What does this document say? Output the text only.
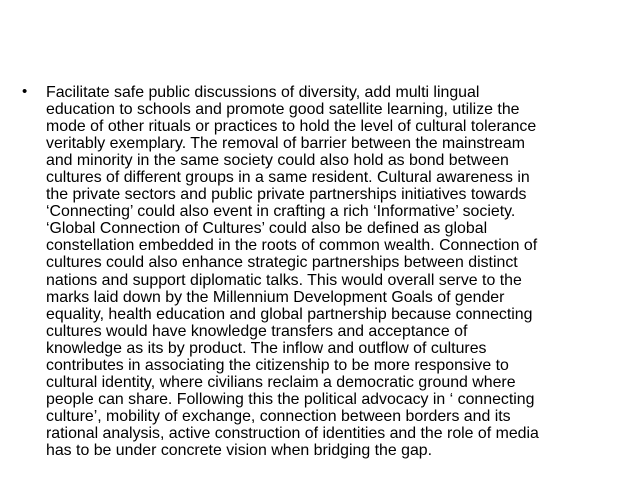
• Facilitate safe public discussions of diversity, add multi lingual
education to schools and promote good satellite learning, utilize the
mode of other rituals or practices to hold the level of cultural tolerance
veritably exemplary. The removal of barrier between the mainstream
and minority in the same society could also hold as bond between
cultures of different groups in a same resident. Cultural awareness in
the private sectors and public private partnerships initiatives towards
‘Connecting’ could also event in crafting a rich ‘Informative’ society.
‘Global Connection of Cultures’ could also be defined as global
constellation embedded in the roots of common wealth. Connection of
cultures could also enhance strategic partnerships between distinct
nations and support diplomatic talks. This would overall serve to the
marks laid down by the Millennium Development Goals of gender
equality, health education and global partnership because connecting
cultures would have knowledge transfers and acceptance of
knowledge as its by product. The inflow and outflow of cultures
contributes in associating the citizenship to be more responsive to
cultural identity, where civilians reclaim a democratic ground where
people can share. Following this the political advocacy in ‘ connecting
culture’, mobility of exchange, connection between borders and its
rational analysis, active construction of identities and the role of media
has to be under concrete vision when bridging the gap.
